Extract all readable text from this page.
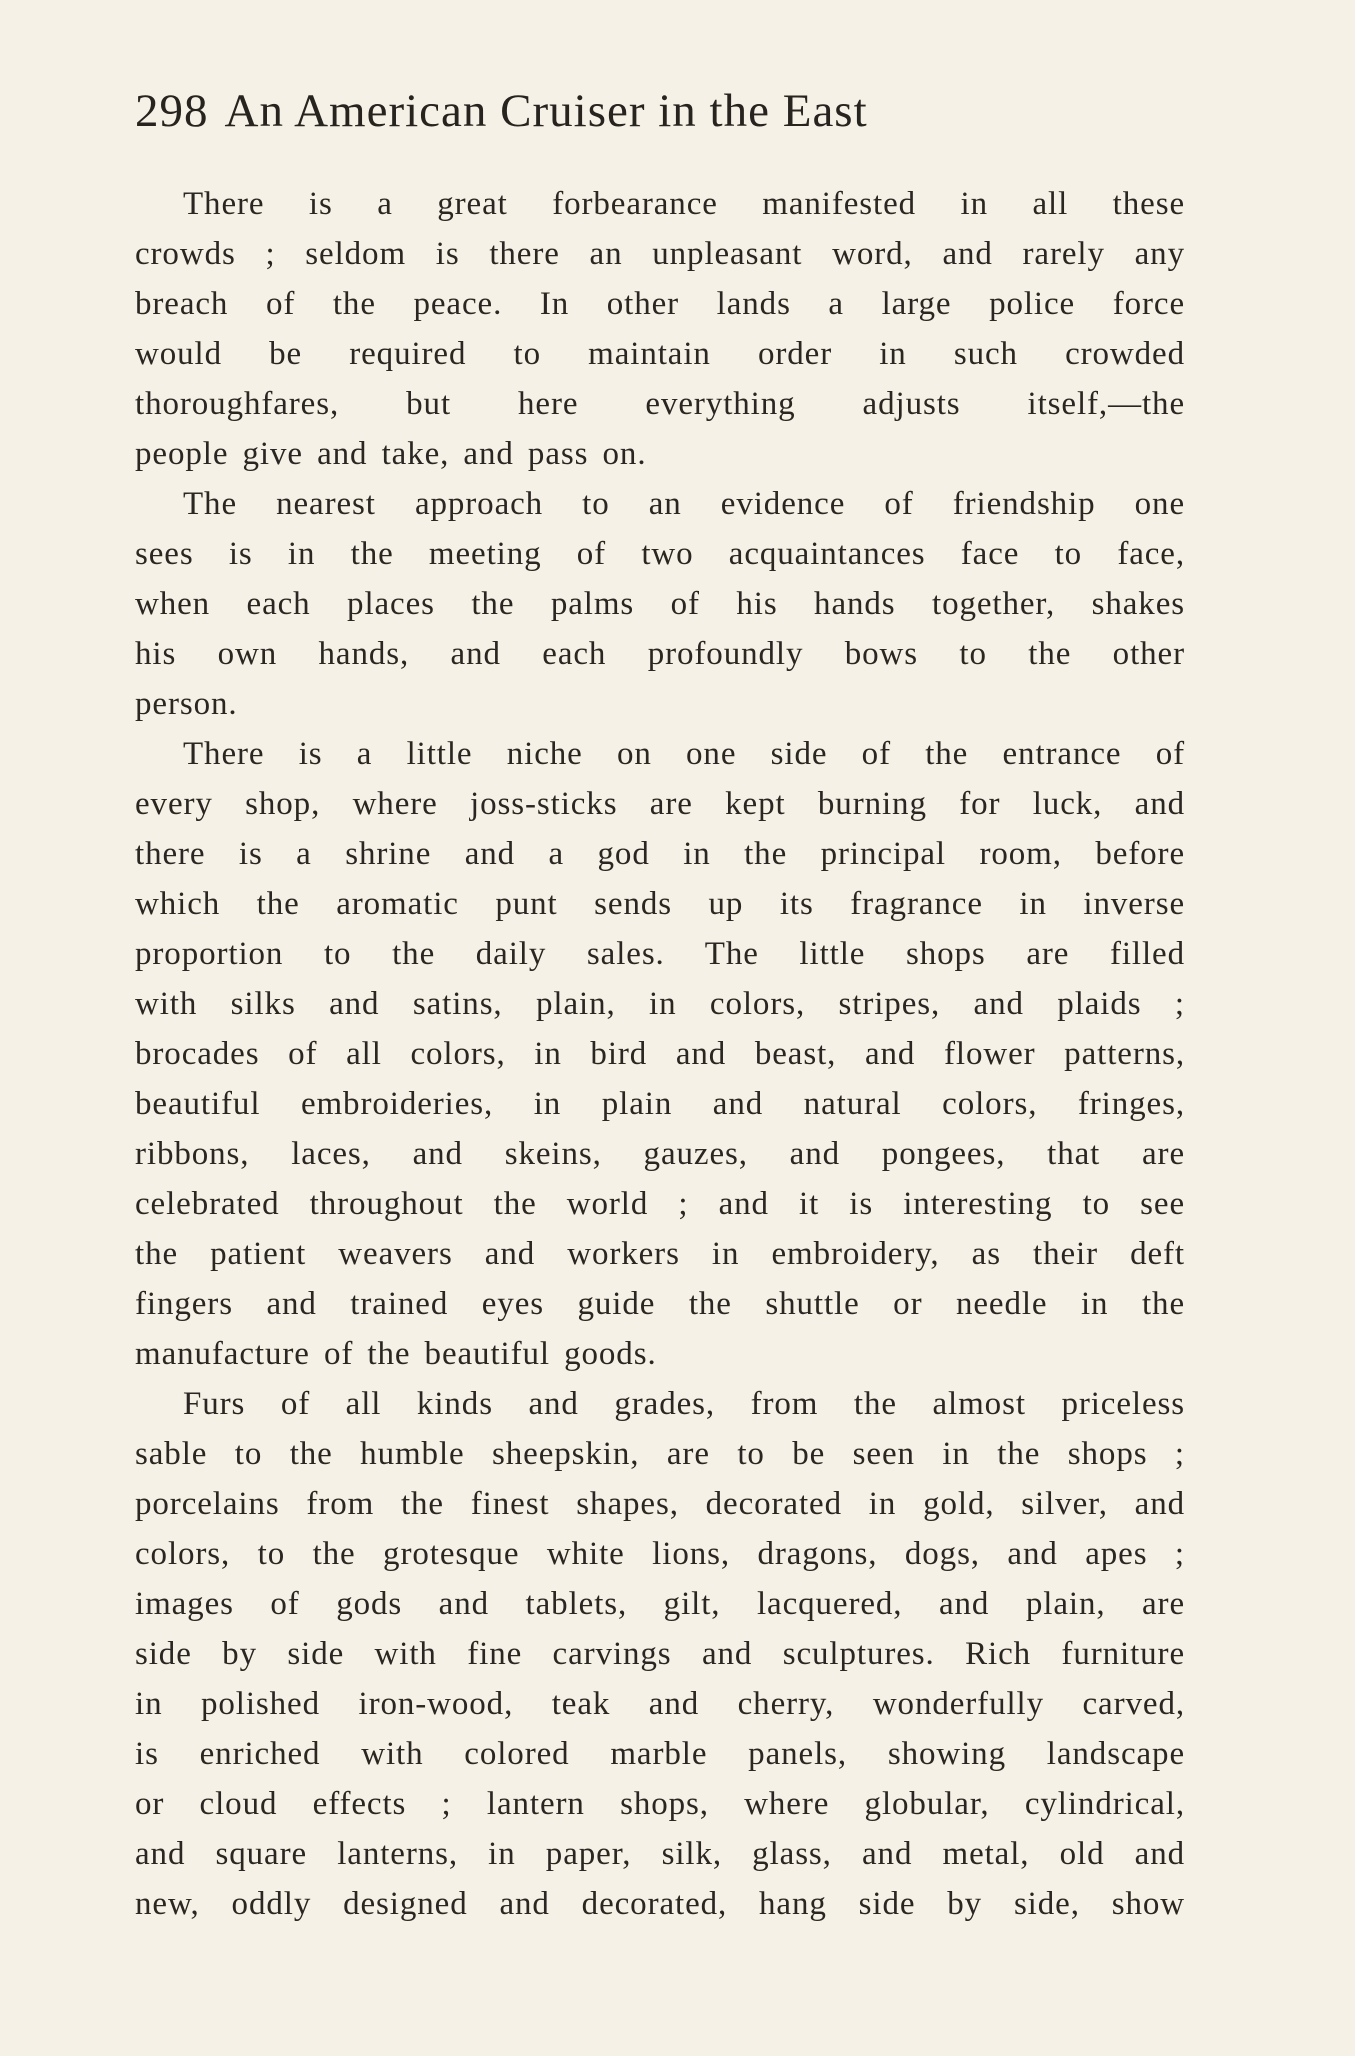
298 An American Cruiser in the East

There is a great forbearance manifested in all these
crowds ; seldom is there an unpleasant word, and rarely any
breach of the peace. In other lands a large police force
would be required to maintain order in such crowded
thoroughfares, but here everything adjusts itself,—the
people give and take, and pass on.

The nearest approach to an evidence of friendship one
sees is in the meeting of two acquaintances face to face,
when each places the palms of his hands together, shakes
his own hands, and each profoundly bows to the other
person.

There is a little niche on one side of the entrance of
every shop, where joss-sticks are kept burning for luck, and
there is a shrine and a god in the principal room, before
which the aromatic punt sends up its fragrance in inverse
proportion to the daily sales. The little shops are filled
with silks and satins, plain, in colors, stripes, and plaids ;
brocades of all colors, in bird and beast, and flower patterns,
beautiful embroideries, in plain and natural colors, fringes,
ribbons, laces, and skeins, gauzes, and pongees, that are
celebrated throughout the world ; and it is interesting to see
the patient weavers and workers in embroidery, as their deft
fingers and trained eyes guide the shuttle or needle in the
manufacture of the beautiful goods.

Furs of all kinds and grades, from the almost priceless
sable to the humble sheepskin, are to be seen in the shops ;
porcelains from the finest shapes, decorated in gold, silver, and
colors, to the grotesque white lions, dragons, dogs, and apes ;
images of gods and tablets, gilt, lacquered, and plain, are
side by side with fine carvings and sculptures. Rich furniture
in polished iron-wood, teak and cherry, wonderfully carved,
is enriched with colored marble panels, showing landscape
or cloud effects ; lantern shops, where globular, cylindrical,
and square lanterns, in paper, silk, glass, and metal, old and
new, oddly designed and decorated, hang side by side, show
